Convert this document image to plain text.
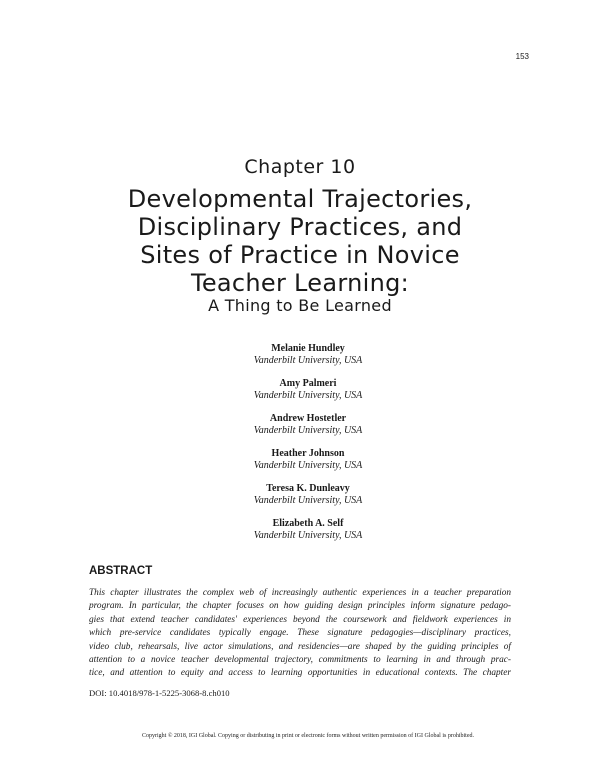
153
Chapter 10
Developmental Trajectories,
Disciplinary Practices, and
Sites of Practice in Novice
Teacher Learning:
A Thing to Be Learned
Melanie Hundley
Vanderbilt University, USA
Amy Palmeri
Vanderbilt University, USA
Andrew Hostetler
Vanderbilt University, USA
Heather Johnson
Vanderbilt University, USA
Teresa K. Dunleavy
Vanderbilt University, USA
Elizabeth A. Self
Vanderbilt University, USA
ABSTRACT
This chapter illustrates the complex web of increasingly authentic experiences in a teacher preparation
program. In particular, the chapter focuses on how guiding design principles inform signature pedago-
gies that extend teacher candidates' experiences beyond the coursework and fieldwork experiences in
which pre-service candidates typically engage. These signature pedagogies—disciplinary practices,
video club, rehearsals, live actor simulations, and residencies—are shaped by the guiding principles of
attention to a novice teacher developmental trajectory, commitments to learning in and through prac-
tice, and attention to equity and access to learning opportunities in educational contexts. The chapter
DOI: 10.4018/978-1-5225-3068-8.ch010
Copyright © 2018, IGI Global. Copying or distributing in print or electronic forms without written permission of IGI Global is prohibited.
